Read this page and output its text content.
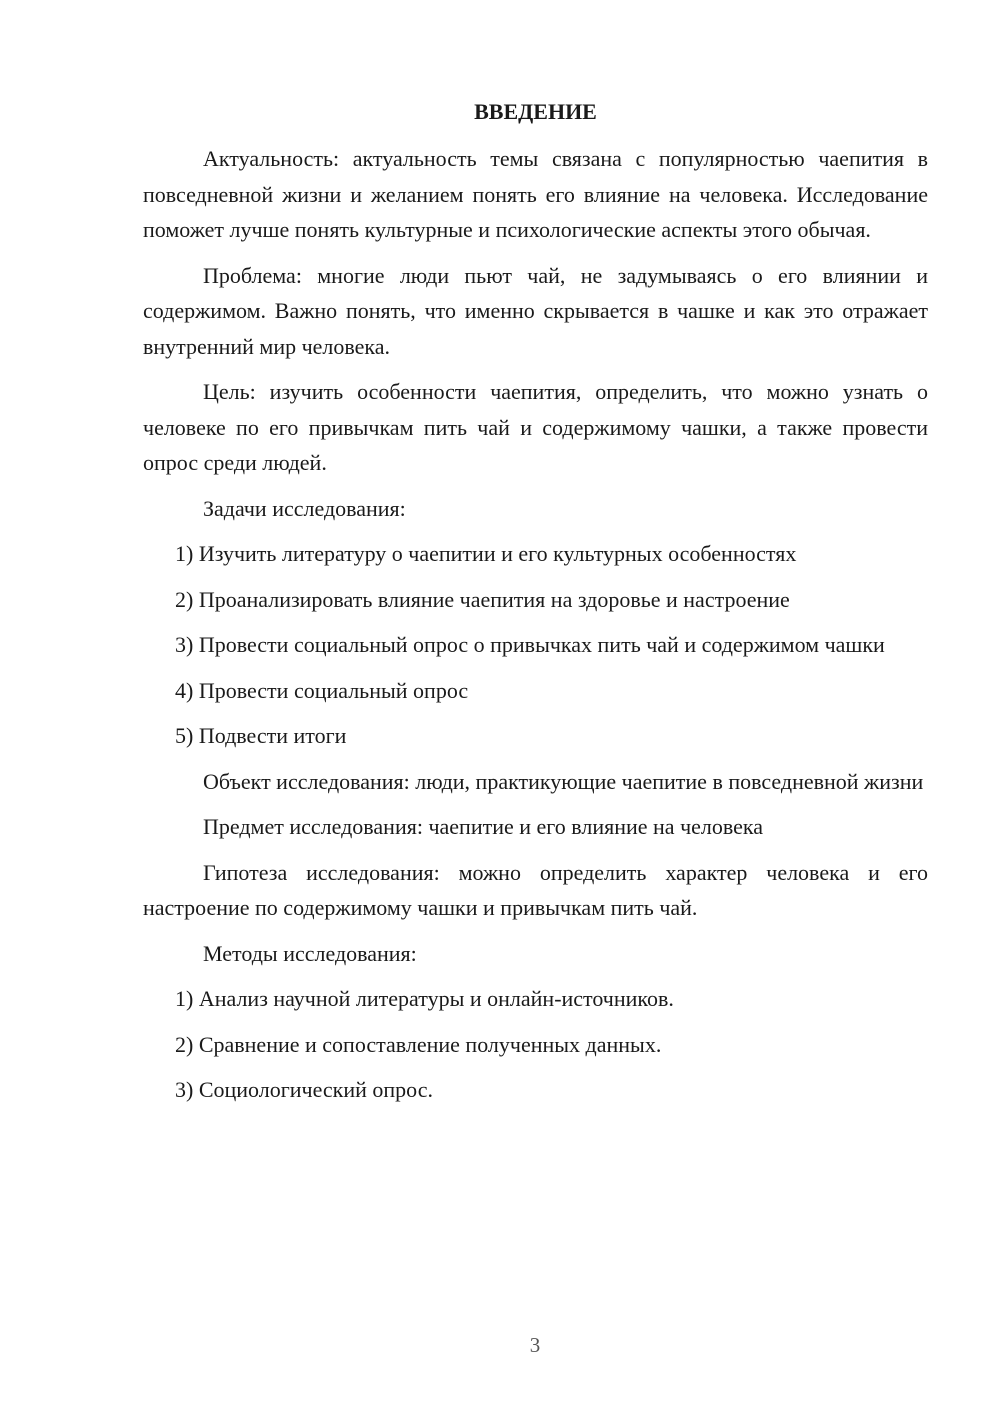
ВВЕДЕНИЕ

Актуальность: актуальность темы связана с популярностью чаепития в повседневной жизни и желанием понять его влияние на человека. Исследование поможет лучше понять культурные и психологические аспекты этого обычая.

Проблема: многие люди пьют чай, не задумываясь о его влиянии и содержимом. Важно понять, что именно скрывается в чашке и как это отражает внутренний мир человека.

Цель: изучить особенности чаепития, определить, что можно узнать о человеке по его привычкам пить чай и содержимому чашки, а также провести опрос среди людей.

Задачи исследования:

1) Изучить литературу о чаепитии и его культурных особенностях

2) Проанализировать влияние чаепития на здоровье и настроение

3) Провести социальный опрос о привычках пить чай и содержимом чашки

4) Провести социальный опрос

5) Подвести итоги

Объект исследования: люди, практикующие чаепитие в повседневной жизни

Предмет исследования: чаепитие и его влияние на человека

Гипотеза исследования: можно определить характер человека и его настроение по содержимому чашки и привычкам пить чай.

Методы исследования:

1) Анализ научной литературы и онлайн-источников.

2) Сравнение и сопоставление полученных данных.

3) Социологический опрос.

3
